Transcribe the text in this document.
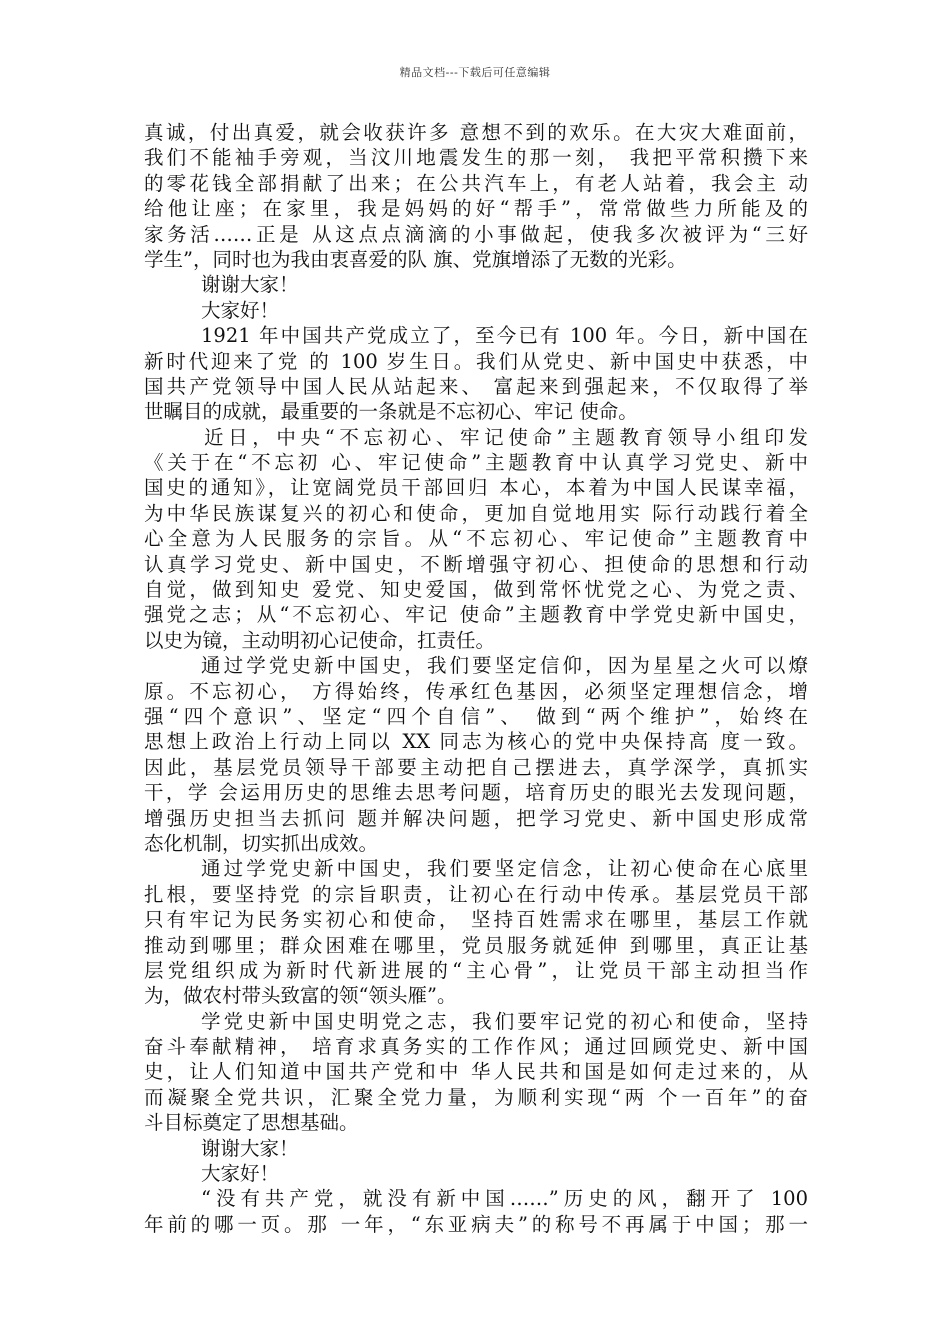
精品文档---下载后可任意编辑
真诚，付出真爱，就会收获许多 意想不到的欢乐。在大灾大难面前，
我们不能袖手旁观，当汶川地震发生的那一刻， 我把平常积攒下来
的零花钱全部捐献了出来；在公共汽车上，有老人站着，我会主 动
给他让座；在家里，我是妈妈的好“帮手”，常常做些力所能及的
家务活……正是 从这点点滴滴的小事做起，使我多次被评为“三好
学生”，同时也为我由衷喜爱的队 旗、党旗增添了无数的光彩。
谢谢大家！
大家好！
1921 年中国共产党成立了，至今已有 100 年。今日，新中国在
新时代迎来了党 的 100 岁生日。我们从党史、新中国史中获悉，中
国共产党领导中国人民从站起来、 富起来到强起来，不仅取得了举
世瞩目的成就，最重要的一条就是不忘初心、牢记 使命。
近日，中央“不忘初心、牢记使命”主题教育领导小组印发
《关于在“不忘初 心、牢记使命”主题教育中认真学习党史、新中
国史的通知》，让宽阔党员干部回归 本心，本着为中国人民谋幸福，
为中华民族谋复兴的初心和使命，更加自觉地用实 际行动践行着全
心全意为人民服务的宗旨。从“不忘初心、牢记使命”主题教育中
认真学习党史、新中国史，不断增强守初心、担使命的思想和行动
自觉，做到知史 爱党、知史爱国，做到常怀忧党之心、为党之责、
强党之志；从“不忘初心、牢记 使命”主题教育中学党史新中国史，
以史为镜，主动明初心记使命，扛责任。
通过学党史新中国史，我们要坚定信仰，因为星星之火可以燎
原。不忘初心， 方得始终，传承红色基因，必须坚定理想信念，增
强“四个意识”、坚定“四个自信”、 做到“两个维护”，始终在
思想上政治上行动上同以 XX 同志为核心的党中央保持高 度一致。
因此，基层党员领导干部要主动把自己摆进去，真学深学，真抓实
干，学 会运用历史的思维去思考问题，培育历史的眼光去发现问题，
增强历史担当去抓问 题并解决问题，把学习党史、新中国史形成常
态化机制，切实抓出成效。
通过学党史新中国史，我们要坚定信念，让初心使命在心底里
扎根，要坚持党 的宗旨职责，让初心在行动中传承。基层党员干部
只有牢记为民务实初心和使命， 坚持百姓需求在哪里，基层工作就
推动到哪里；群众困难在哪里，党员服务就延伸 到哪里，真正让基
层党组织成为新时代新进展的“主心骨”，让党员干部主动担当作
为，做农村带头致富的领“领头雁”。
学党史新中国史明党之志，我们要牢记党的初心和使命，坚持
奋斗奉献精神， 培育求真务实的工作作风；通过回顾党史、新中国
史，让人们知道中国共产党和中 华人民共和国是如何走过来的，从
而凝聚全党共识，汇聚全党力量，为顺利实现“两 个一百年”的奋
斗目标奠定了思想基础。
谢谢大家！
大家好！
“没有共产党，就没有新中国……”历史的风，翻开了 100
年前的哪一页。那 一年，“东亚病夫”的称号不再属于中国；那一
